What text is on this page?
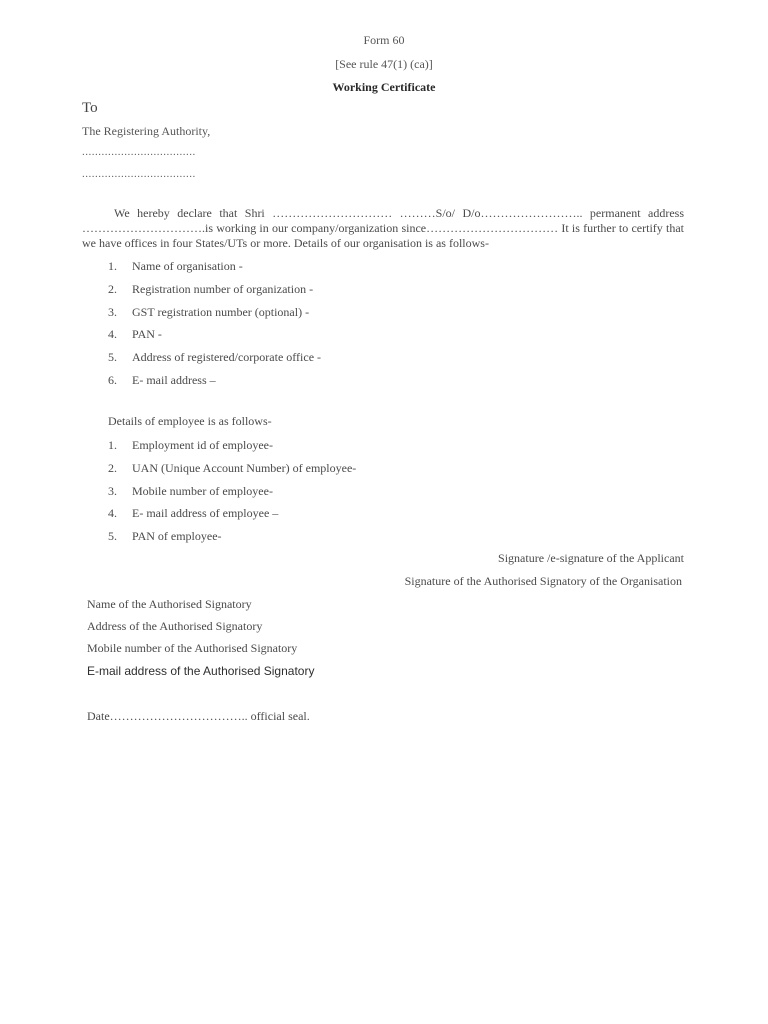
Form 60
[See rule 47(1) (ca)]
Working Certificate
To
The Registering Authority,
...................................
...................................
We hereby declare that Shri ………………………… ………S/o/ D/o…………………….. permanent address ………………………….is working in our company/organization since…………………………… It is further to certify that we have offices in four States/UTs or more. Details of our organisation is as follows-
1. Name of organisation -
2. Registration number of organization -
3. GST registration number (optional) -
4. PAN -
5. Address of registered/corporate office -
6. E- mail address –
Details of employee is as follows-
1. Employment id of employee-
2. UAN (Unique Account Number) of employee-
3. Mobile number of employee-
4. E- mail address of employee –
5. PAN of employee-
Signature /e-signature of the Applicant
Signature of the Authorised Signatory of the Organisation
Name of the Authorised Signatory
Address of the Authorised Signatory
Mobile number of the Authorised Signatory
E-mail address of the Authorised Signatory
Date…………………………….. official seal.
